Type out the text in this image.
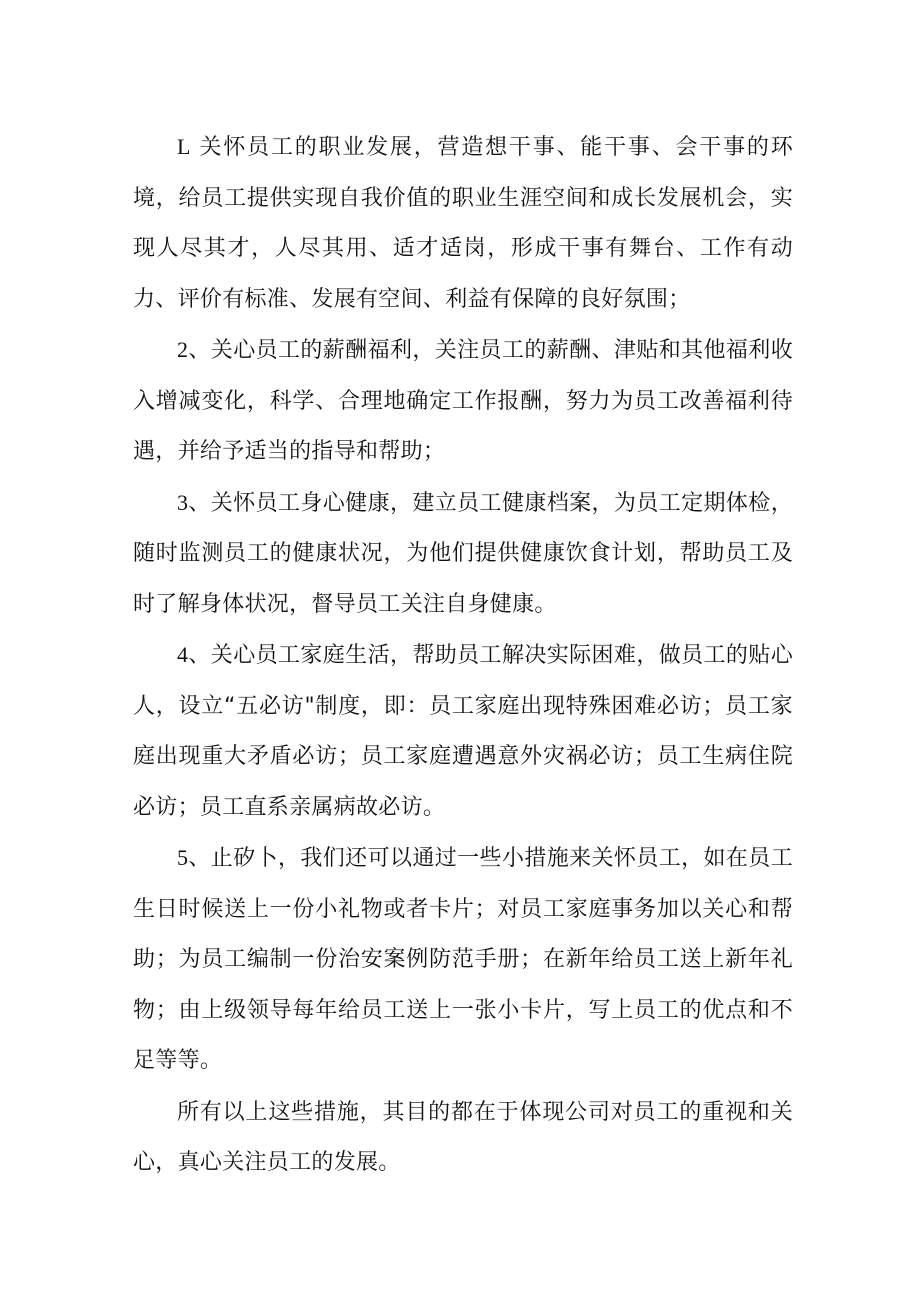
L 关怀员工的职业发展，营造想干事、能干事、会干事的环境，给员工提供实现自我价值的职业生涯空间和成长发展机会，实现人尽其才，人尽其用、适才适岗，形成干事有舞台、工作有动力、评价有标准、发展有空间、利益有保障的良好氛围；

2、关心员工的薪酬福利，关注员工的薪酬、津贴和其他福利收入增减变化，科学、合理地确定工作报酬，努力为员工改善福利待遇，并给予适当的指导和帮助；

3、关怀员工身心健康，建立员工健康档案，为员工定期体检，随时监测员工的健康状况，为他们提供健康饮食计划，帮助员工及时了解身体状况，督导员工关注自身健康。

4、关心员工家庭生活，帮助员工解决实际困难，做员工的贴心人，设立“五必访"制度，即：员工家庭出现特殊困难必访；员工家庭出现重大矛盾必访；员工家庭遭遇意外灾祸必访；员工生病住院必访；员工直系亲属病故必访。

5、止矽卜，我们还可以通过一些小措施来关怀员工，如在员工生日时候送上一份小礼物或者卡片；对员工家庭事务加以关心和帮助；为员工编制一份治安案例防范手册；在新年给员工送上新年礼物；由上级领导每年给员工送上一张小卡片，写上员工的优点和不足等等。

所有以上这些措施，其目的都在于体现公司对员工的重视和关心，真心关注员工的发展。
